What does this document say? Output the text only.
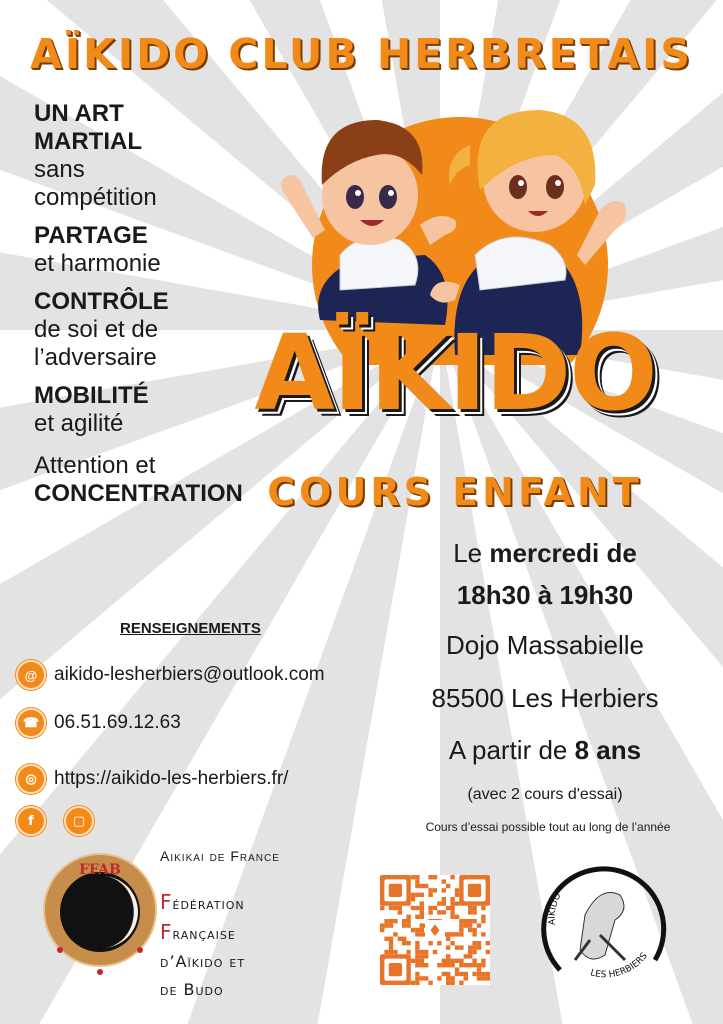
AÏKIDO CLUB HERBRETAIS
UN ART MARTIAL
sans compétition
PARTAGE
et harmonie
CONTRÔLE
de soi et de l’adversaire
MOBILITÉ
et agilité
Attention et
CONCENTRATION
AÏKIDO
COURS ENFANT
Le mercredi de
18h30 à 19h30
Dojo Massabielle
85500 Les Herbiers
A partir de 8 ans
(avec 2 cours d'essai)
Cours d’essai possible tout au long de l’année
RENSEIGNEMENTS
@ aikido-lesherbiers@outlook.com
☎ 06.51.69.12.63
◎ https://aikido-les-herbiers.fr/
f	▢
FFAB
Aikikai de France
Fédération
Française
d’Aïkido et
de Budo
♦	AÏKIDO
LES HERBIERS
